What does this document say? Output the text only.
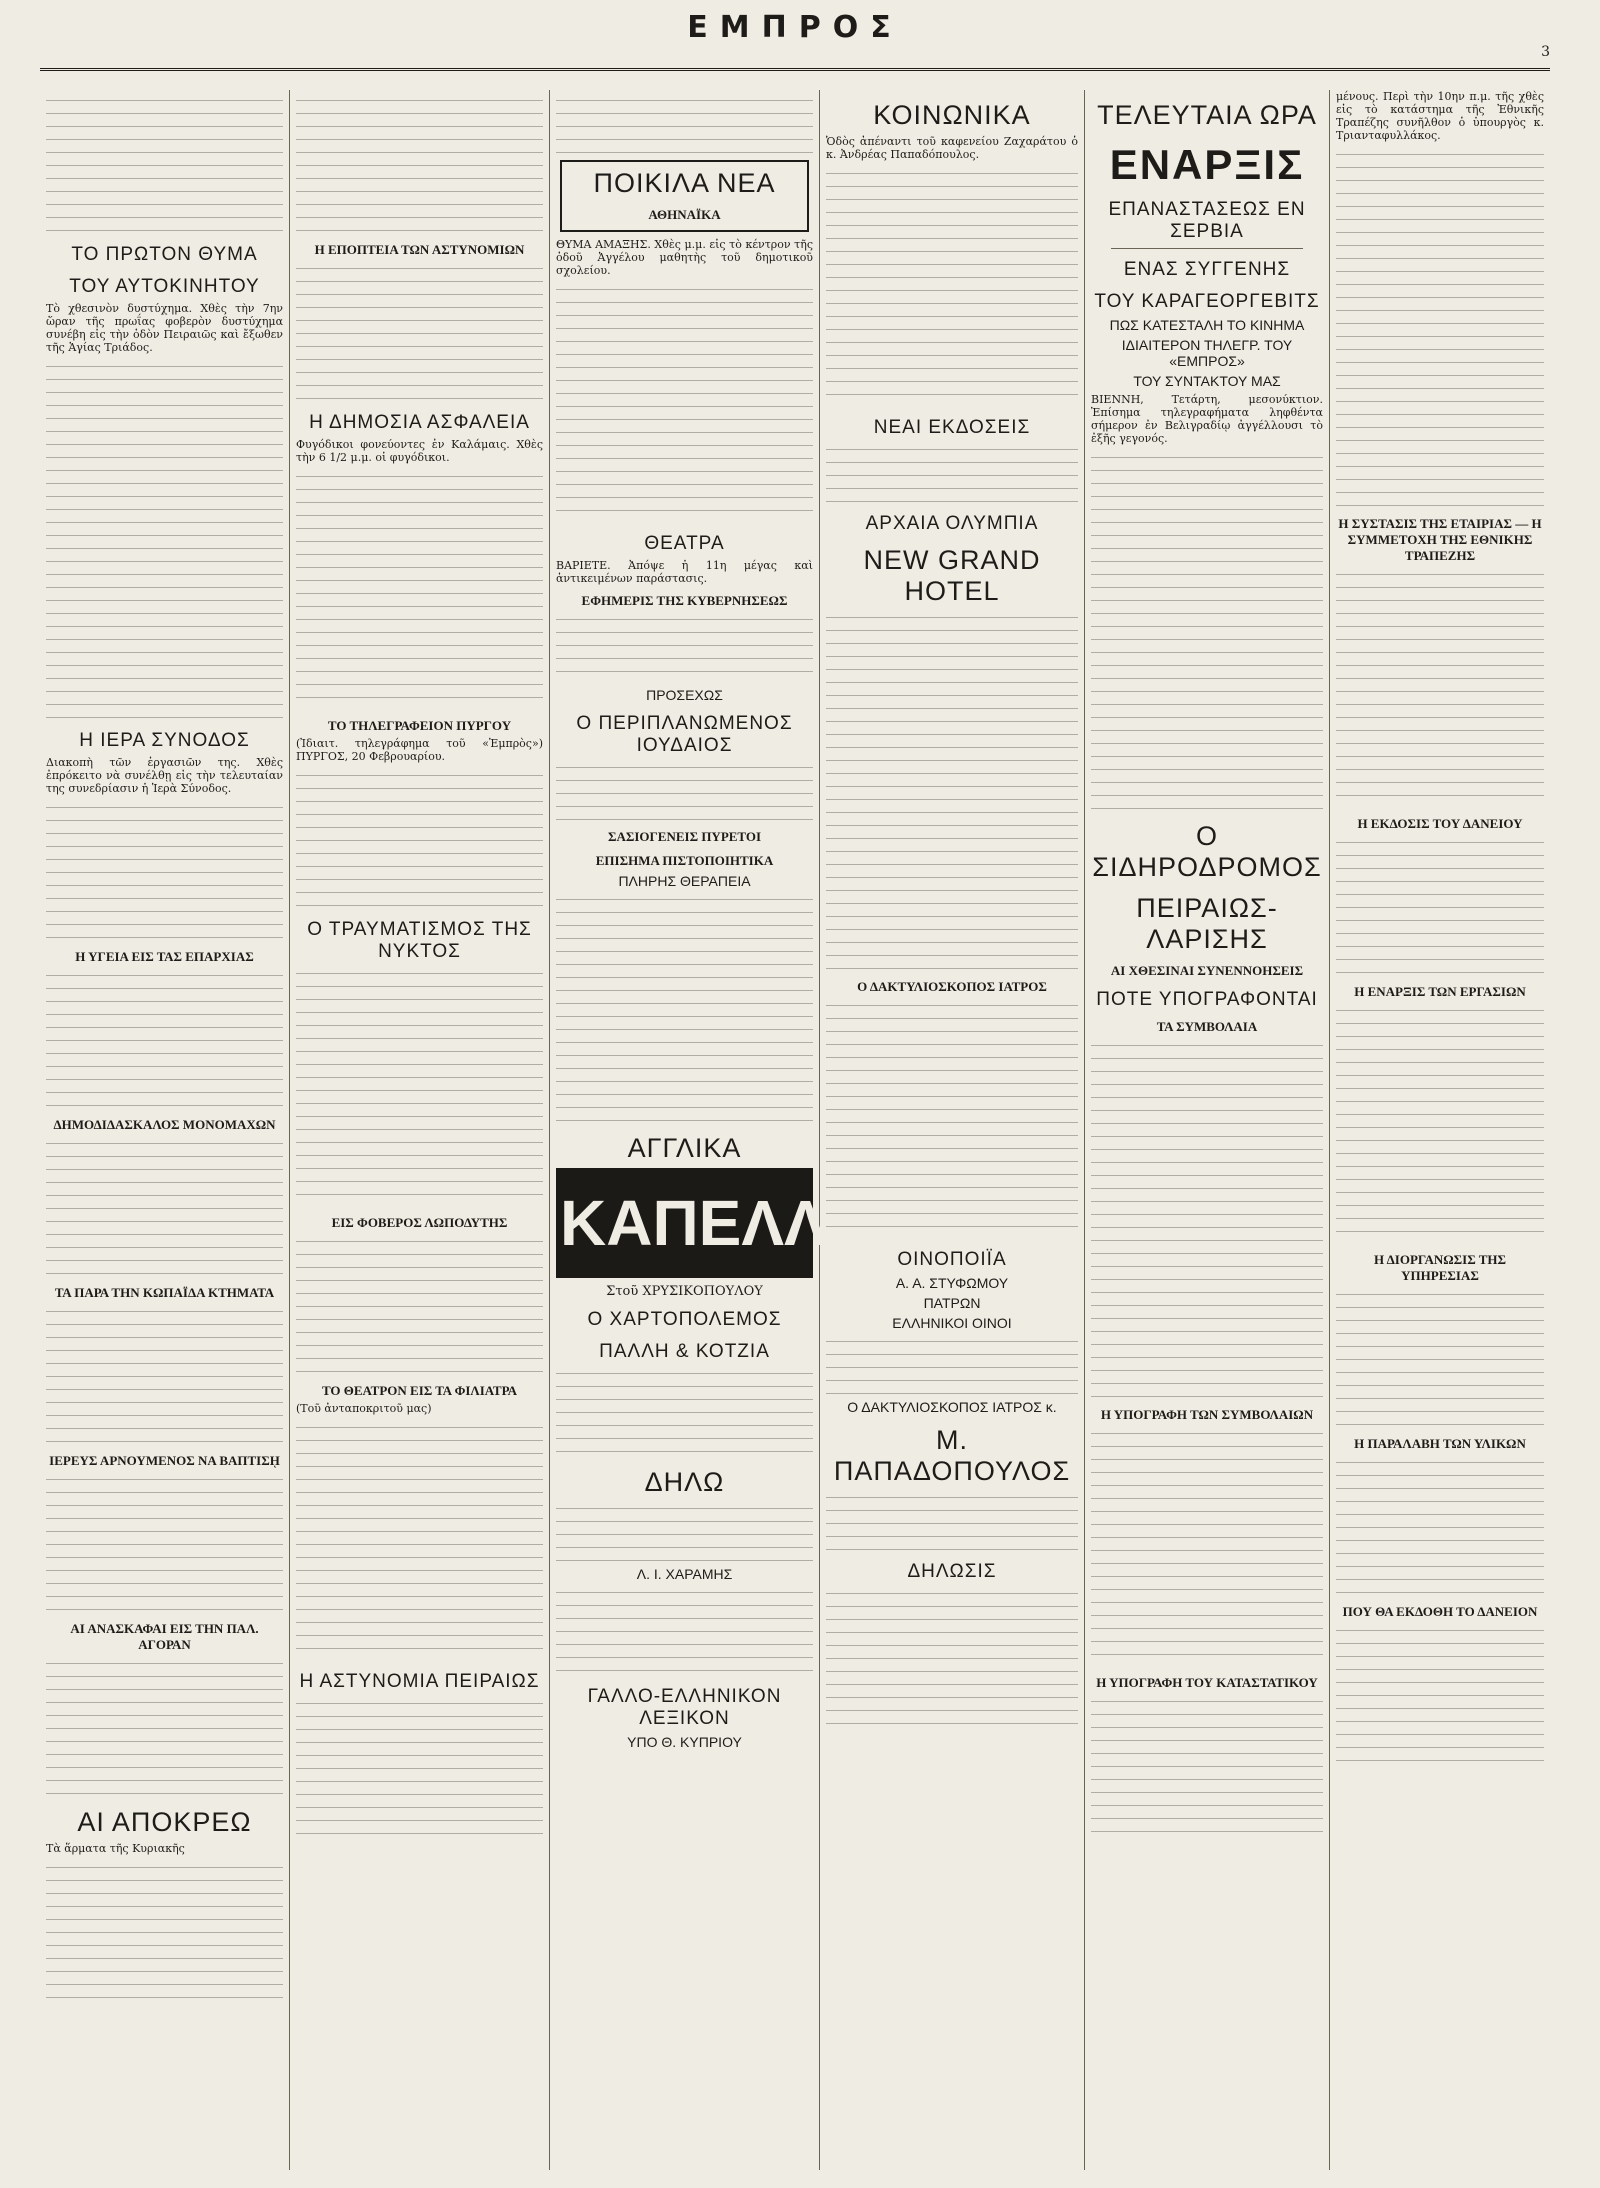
ΕΜΠΡΟΣ
3
ΤΟ ΠΡΩΤΟΝ ΘΥΜΑ
ΤΟΥ ΑΥΤΟΚΙΝΗΤΟΥ

Τὸ χθεσινὸν δυστύχημα. Χθὲς τὴν 7ην ὥραν τῆς πρωΐας φοβερὸν δυστύχημα συνέβη εἰς τὴν ὁδὸν Πειραιῶς καὶ ἔξωθεν τῆς Ἁγίας Τριάδος.

Η ΙΕΡΑ ΣΥΝΟΔΟΣ

Διακοπὴ τῶν ἐργασιῶν της. Χθὲς ἐπρόκειτο νὰ συνέλθῃ εἰς τὴν τελευταίαν της συνεδρίασιν ἡ Ἱερὰ Σύνοδος.

Η ΥΓΕΙΑ ΕΙΣ ΤΑΣ ΕΠΑΡΧΙΑΣ
ΔΗΜΟΔΙΔΑΣΚΑΛΟΣ ΜΟΝΟΜΑΧΩΝ
ΤΑ ΠΑΡΑ ΤΗΝ ΚΩΠΑΪΔΑ ΚΤΗΜΑΤΑ
ΙΕΡΕΥΣ ΑΡΝΟΥΜΕΝΟΣ ΝΑ ΒΑΠΤΙΣῌ
ΑΙ ΑΝΑΣΚΑΦΑΙ ΕΙΣ ΤΗΝ ΠΑΛ. ΑΓΟΡΑΝ
ΑΙ ΑΠΟΚΡΕΩ

Τὰ ἅρματα τῆς Κυριακῆς

Η ΕΠΟΠΤΕΙΑ ΤΩΝ ΑΣΤΥΝΟΜΙΩΝ
Η ΔΗΜΟΣΙΑ ΑΣΦΑΛΕΙΑ

Φυγόδικοι φονεύοντες ἐν Καλάμαις. Χθὲς τὴν 6 1/2 μ.μ. οἱ φυγόδικοι.

ΤΟ ΤΗΛΕΓΡΑΦΕΙΟΝ ΠΥΡΓΟΥ

(Ἰδιαιτ. τηλεγράφημα τοῦ «Ἐμπρὸς») ΠΥΡΓΟΣ, 20 Φεβρουαρίου.

Ο ΤΡΑΥΜΑΤΙΣΜΟΣ ΤΗΣ ΝΥΚΤΟΣ
ΕΙΣ ΦΟΒΕΡΟΣ ΛΩΠΟΔΥΤΗΣ
ΤΟ ΘΕΑΤΡΟΝ ΕΙΣ ΤΑ ΦΙΛΙΑΤΡΑ

(Τοῦ ἀνταποκριτοῦ μας)

Η ΑΣΤΥΝΟΜΙΑ ΠΕΙΡΑΙΩΣ
ΠΟΙΚΙΛΑ ΝΕΑ
ΑΘΗΝΑΪΚΑ

ΘΥΜΑ ΑΜΑΞΗΣ. Χθὲς μ.μ. εἰς τὸ κέντρον τῆς ὁδοῦ Ἀγγέλου μαθητὴς τοῦ δημοτικοῦ σχολείου.

ΘΕΑΤΡΑ

ΒΑΡΙΕΤΕ. Ἀπόψε ἡ 11η μέγας καὶ ἀντικειμένων παράστασις.

ΕΦΗΜΕΡΙΣ ΤΗΣ ΚΥΒΕΡΝΗΣΕΩΣ
ΠΡΟΣΕΧΩΣ
Ο ΠΕΡΙΠΛΑΝΩΜΕΝΟΣ ΙΟΥΔΑΙΟΣ
ΣΑΣΙΟΓΕΝΕΙΣ ΠΥΡΕΤΟΙ
ΕΠΙΣΗΜΑ ΠΙΣΤΟΠΟΙΗΤΙΚΑ
ΠΛΗΡΗΣ ΘΕΡΑΠΕΙΑ
ΑΓΓΛΙΚΑ
ΚΑΠΕΛΛΑ
Στοῦ ΧΡΥΣΙΚΟΠΟΥΛΟΥ
Ο ΧΑΡΤΟΠΟΛΕΜΟΣ
ΠΑΛΛΗ & ΚΟΤΖΙΑ
ΔΗΛΩ
Λ. Ι. ΧΑΡΑΜΗΣ
ΓΑΛΛΟ-ΕΛΛΗΝΙΚΟΝ ΛΕΞΙΚΟΝ
ΥΠΟ Θ. ΚΥΠΡΙΟΥ
ΚΟΙΝΩΝΙΚΑ

Ὁδὸς ἀπέναντι τοῦ καφενείου Ζαχαράτου ὁ κ. Ἀνδρέας Παπαδόπουλος.

ΝΕΑΙ ΕΚΔΟΣΕΙΣ
ΑΡΧΑΙΑ ΟΛΥΜΠΙΑ
NEW GRAND HOTEL
Ο ΔΑΚΤΥΛΙΟΣΚΟΠΟΣ ΙΑΤΡΟΣ
ΟΙΝΟΠΟΙΪΑ
Α. Α. ΣΤΥΦΩΜΟΥ
ΠΑΤΡΩΝ
ΕΛΛΗΝΙΚΟΙ ΟΙΝΟΙ
Ο ΔΑΚΤΥΛΙΟΣΚΟΠΟΣ ΙΑΤΡΟΣ κ.
Μ. ΠΑΠΑΔΟΠΟΥΛΟΣ
ΔΗΛΩΣΙΣ
ΤΕΛΕΥΤΑΙΑ ΩΡΑ
ΕΝΑΡΞΙΣ
ΕΠΑΝΑΣΤΑΣΕΩΣ ΕΝ ΣΕΡΒΙΑ
ΕΝΑΣ ΣΥΓΓΕΝΗΣ
ΤΟΥ ΚΑΡΑΓΕΟΡΓΕΒΙΤΣ
ΠΩΣ ΚΑΤΕΣΤΑΛΗ ΤΟ ΚΙΝΗΜΑ
ΙΔΙΑΙΤΕΡΟΝ ΤΗΛΕΓΡ. ΤΟΥ «ΕΜΠΡΟΣ»
ΤΟΥ ΣΥΝΤΑΚΤΟΥ ΜΑΣ

ΒΙΕΝΝΗ, Τετάρτη, μεσονύκτιον. Ἐπίσημα τηλεγραφήματα ληφθέντα σήμερον ἐν Βελιγραδίῳ ἀγγέλλουσι τὸ ἐξῆς γεγονός.

Ο ΣΙΔΗΡΟΔΡΟΜΟΣ
ΠΕΙΡΑΙΩΣ-ΛΑΡΙΣΗΣ
ΑΙ ΧΘΕΣΙΝΑΙ ΣΥΝΕΝΝΟΗΣΕΙΣ
ΠΟΤΕ ΥΠΟΓΡΑΦΟΝΤΑΙ
ΤΑ ΣΥΜΒΟΛΑΙΑ
Η ΥΠΟΓΡΑΦΗ ΤΩΝ ΣΥΜΒΟΛΑΙΩΝ
Η ΥΠΟΓΡΑΦΗ ΤΟΥ ΚΑΤΑΣΤΑΤΙΚΟΥ

μένους. Περὶ τὴν 10ην π.μ. τῆς χθὲς εἰς τὸ κατάστημα τῆς Ἐθνικῆς Τραπέζης συνῆλθον ὁ ὑπουργὸς κ. Τριανταφυλλάκος.

Η ΣΥΣΤΑΣΙΣ ΤΗΣ ΕΤΑΙΡΙΑΣ — Η ΣΥΜΜΕΤΟΧΗ ΤΗΣ ΕΘΝΙΚΗΣ ΤΡΑΠΕΖΗΣ
Η ΕΚΔΟΣΙΣ ΤΟΥ ΔΑΝΕΙΟΥ
Η ΕΝΑΡΞΙΣ ΤΩΝ ΕΡΓΑΣΙΩΝ
Η ΔΙΟΡΓΑΝΩΣΙΣ ΤΗΣ ΥΠΗΡΕΣΙΑΣ
Η ΠΑΡΑΛΑΒΗ ΤΩΝ ΥΛΙΚΩΝ
ΠΟΥ ΘΑ ΕΚΔΟΘΗ ΤΟ ΔΑΝΕΙΟΝ
